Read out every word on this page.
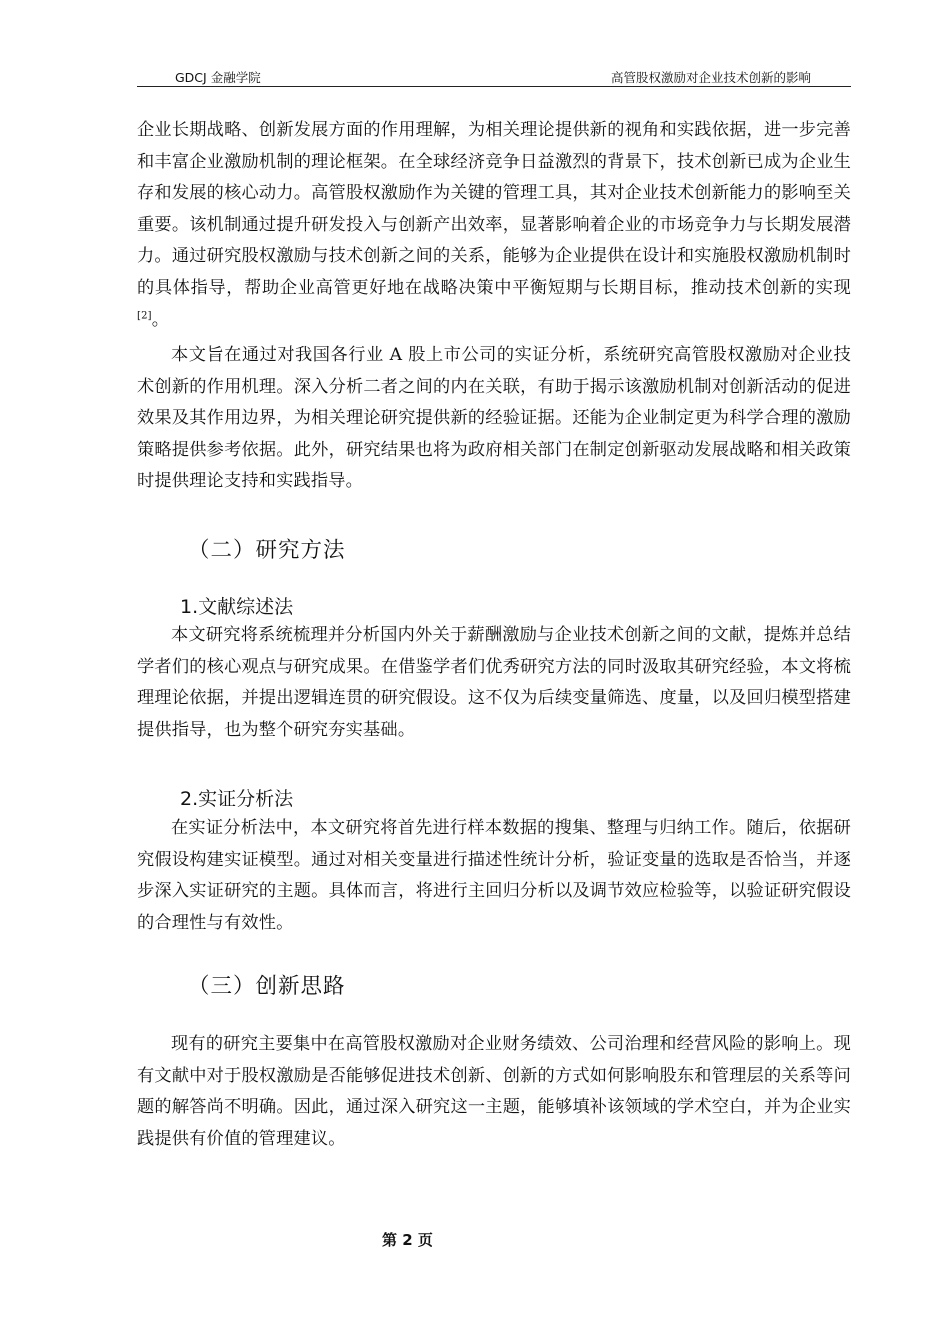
GDCJ 金融学院	高管股权激励对企业技术创新的影响
企业长期战略、创新发展方面的作用理解，为相关理论提供新的视角和实践依据，进一步完善和丰富企业激励机制的理论框架。在全球经济竞争日益激烈的背景下，技术创新已成为企业生存和发展的核心动力。高管股权激励作为关键的管理工具，其对企业技术创新能力的影响至关重要。该机制通过提升研发投入与创新产出效率，显著影响着企业的市场竞争力与长期发展潜力。通过研究股权激励与技术创新之间的关系，能够为企业提供在设计和实施股权激励机制时的具体指导，帮助企业高管更好地在战略决策中平衡短期与长期目标，推动技术创新的实现[2]。
本文旨在通过对我国各行业 A 股上市公司的实证分析，系统研究高管股权激励对企业技术创新的作用机理。深入分析二者之间的内在关联，有助于揭示该激励机制对创新活动的促进效果及其作用边界，为相关理论研究提供新的经验证据。还能为企业制定更为科学合理的激励策略提供参考依据。此外，研究结果也将为政府相关部门在制定创新驱动发展战略和相关政策时提供理论支持和实践指导。
（二）研究方法
1.文献综述法
本文研究将系统梳理并分析国内外关于薪酬激励与企业技术创新之间的文献，提炼并总结学者们的核心观点与研究成果。在借鉴学者们优秀研究方法的同时汲取其研究经验，本文将梳理理论依据，并提出逻辑连贯的研究假设。这不仅为后续变量筛选、度量，以及回归模型搭建提供指导，也为整个研究夯实基础。
2.实证分析法
在实证分析法中，本文研究将首先进行样本数据的搜集、整理与归纳工作。随后，依据研究假设构建实证模型。通过对相关变量进行描述性统计分析，验证变量的选取是否恰当，并逐步深入实证研究的主题。具体而言，将进行主回归分析以及调节效应检验等，以验证研究假设的合理性与有效性。
（三）创新思路
现有的研究主要集中在高管股权激励对企业财务绩效、公司治理和经营风险的影响上。现有文献中对于股权激励是否能够促进技术创新、创新的方式如何影响股东和管理层的关系等问题的解答尚不明确。因此，通过深入研究这一主题，能够填补该领域的学术空白，并为企业实践提供有价值的管理建议。
第 2 页
